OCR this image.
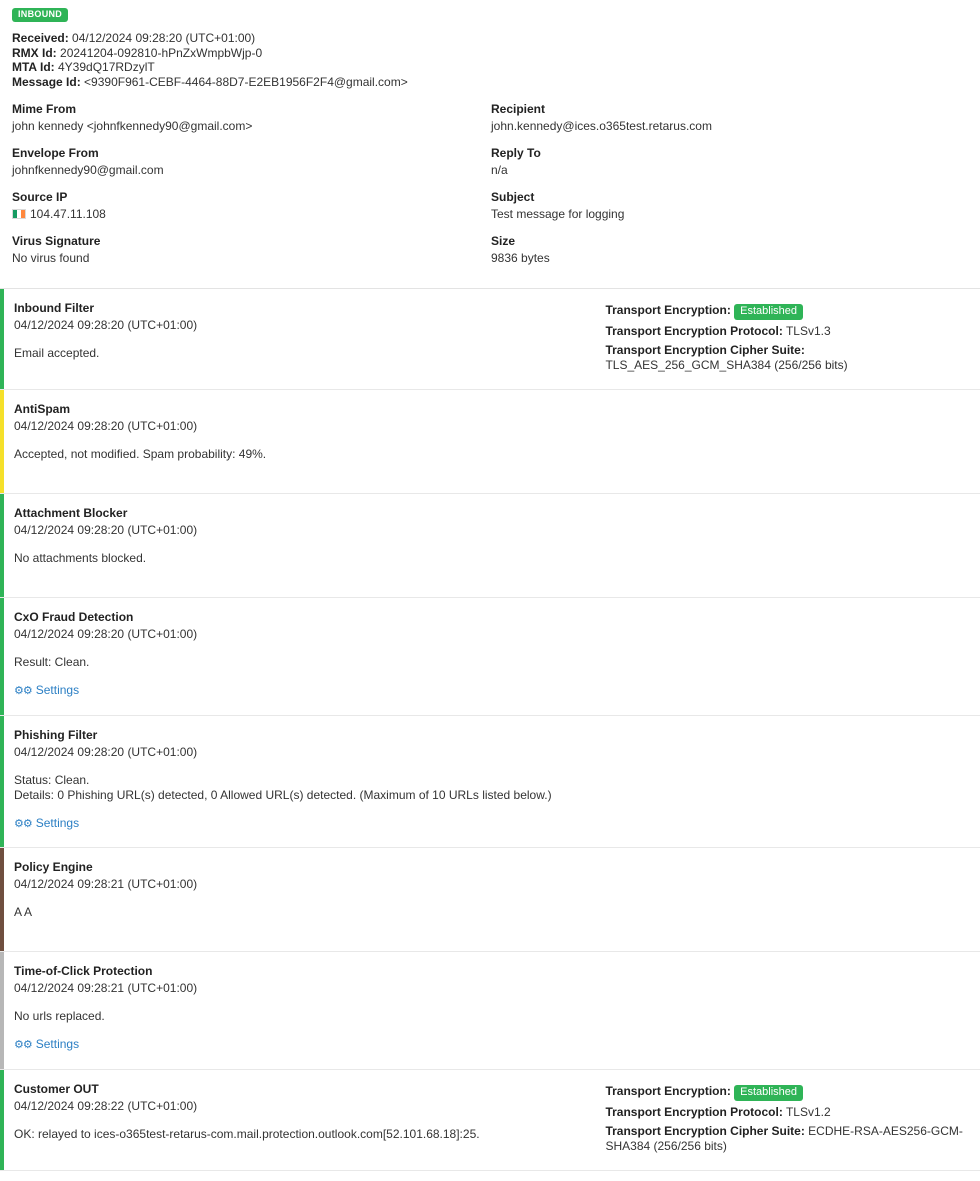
INBOUND
Received: 04/12/2024 09:28:20 (UTC+01:00)
RMX Id: 20241204-092810-hPnZxWmpbWjp-0
MTA Id: 4Y39dQ17RDzylT
Message Id: <9390F961-CEBF-4464-88D7-E2EB1956F2F4@gmail.com>
Mime From
john kennedy <johnfkennedy90@gmail.com>
Envelope From
johnfkennedy90@gmail.com
Source IP
104.47.11.108
Virus Signature
No virus found
Recipient
john.kennedy@ices.o365test.retarus.com
Reply To
n/a
Subject
Test message for logging
Size
9836 bytes
Inbound Filter
04/12/2024 09:28:20 (UTC+01:00)
Email accepted.
Transport Encryption: Established
Transport Encryption Protocol: TLSv1.3
Transport Encryption Cipher Suite: TLS_AES_256_GCM_SHA384 (256/256 bits)
AntiSpam
04/12/2024 09:28:20 (UTC+01:00)
Accepted, not modified. Spam probability: 49%.
Attachment Blocker
04/12/2024 09:28:20 (UTC+01:00)
No attachments blocked.
CxO Fraud Detection
04/12/2024 09:28:20 (UTC+01:00)
Result: Clean.
⚙⚙ Settings
Phishing Filter
04/12/2024 09:28:20 (UTC+01:00)
Status: Clean.
Details: 0 Phishing URL(s) detected, 0 Allowed URL(s) detected. (Maximum of 10 URLs listed below.)
⚙⚙ Settings
Policy Engine
04/12/2024 09:28:21 (UTC+01:00)
A A
Time-of-Click Protection
04/12/2024 09:28:21 (UTC+01:00)
No urls replaced.
⚙⚙ Settings
Customer OUT
04/12/2024 09:28:22 (UTC+01:00)
OK: relayed to ices-o365test-retarus-com.mail.protection.outlook.com[52.101.68.18]:25.
Transport Encryption: Established
Transport Encryption Protocol: TLSv1.2
Transport Encryption Cipher Suite: ECDHE-RSA-AES256-GCM-SHA384 (256/256 bits)
